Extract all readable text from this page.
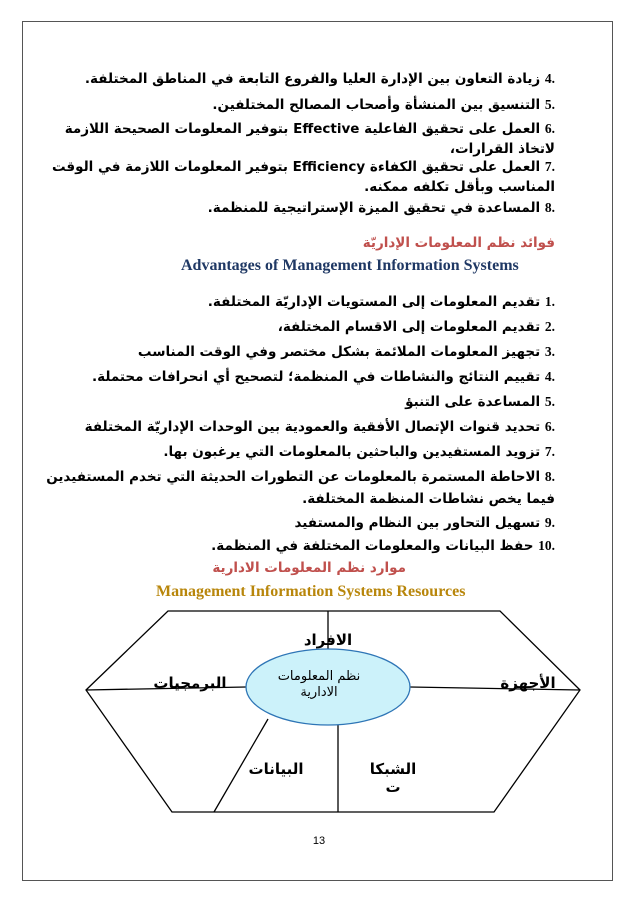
.4 زيادة التعاون بين الإدارة العليا والفروع التابعة في المناطق المختلفة.
.5 التنسيق بين المنشأة وأصحاب المصالح المختلفين.
.6 العمل على تحقيق الفاعلية Effective بتوفير المعلومات الصحيحة اللازمة
لاتخاذ القرارات،
.7 العمل على تحقيق الكفاءة Efficiency بتوفير المعلومات اللازمة في الوقت
المناسب وبأقل تكلفه ممكنه.
.8 المساعدة في تحقيق الميزة الإستراتيجية للمنظمة.
فوائد نظم المعلومات الإداريّة
Advantages of Management Information Systems
.1 تقديم المعلومات إلى المستويات الإداريّة المختلفة.
.2 تقديم المعلومات إلى الاقسام المختلفة،
.3 تجهيز المعلومات الملائمة بشكل مختصر وفي الوقت المناسب
.4 تقييم النتائج والنشاطات في المنظمة؛ لتصحيح أي انحرافات محتملة.
.5 المساعدة على التنبؤ
.6 تحديد قنوات الإتصال الأفقية والعمودية بين الوحدات الإداريّة المختلفة
.7 تزويد المستفيدين والباحثين بالمعلومات التي يرغبون بها.
.8 الاحاطة المستمرة بالمعلومات عن التطورات الحديثة التي تخدم المستفيدين
فيما يخص نشاطات المنظمة المختلفة.
.9 تسهيل التحاور بين النظام والمستفيد
.10 حفظ البيانات والمعلومات المختلفة في المنظمة.
موارد نظم المعلومات الادارية
Management Information Systems Resources
نظم المعلومات
الادارية
الافراد
الأجهزة
البرمجيات
البيانات	الشبكا
ت
13
